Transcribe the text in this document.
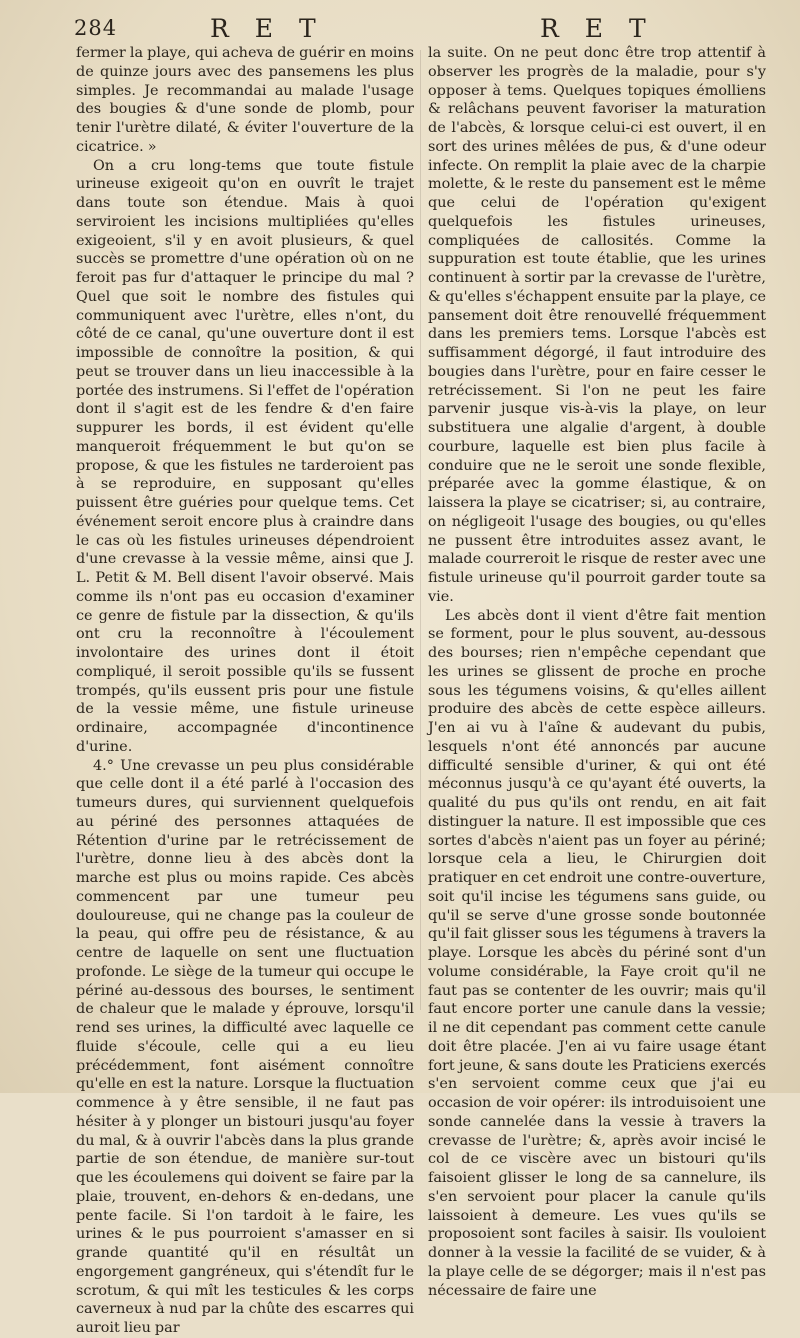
284	R E T	R E T

fermer la playe, qui acheva de guérir en moins de quinze jours avec des pansemens les plus simples. Je recommandai au malade l'usage des bougies & d'une sonde de plomb, pour tenir l'urètre dilaté, & éviter l'ouverture de la cicatrice. »

On a cru long-tems que toute fistule urineuse exigeoit qu'on en ouvrît le trajet dans toute son étendue. Mais à quoi serviroient les incisions multipliées qu'elles exigeoient, s'il y en avoit plusieurs, & quel succès se promettre d'une opération où on ne feroit pas fur d'attaquer le principe du mal ? Quel que soit le nombre des fistules qui communiquent avec l'urètre, elles n'ont, du côté de ce canal, qu'une ouverture dont il est impossible de connoître la position, & qui peut se trouver dans un lieu inaccessible à la portée des instrumens. Si l'effet de l'opération dont il s'agit est de les fendre & d'en faire suppurer les bords, il est évident qu'elle manqueroit fréquemment le but qu'on se propose, & que les fistules ne tarderoient pas à se reproduire, en supposant qu'elles puissent être guéries pour quelque tems. Cet événement seroit encore plus à craindre dans le cas où les fistules urineuses dépendroient d'une crevasse à la vessie même, ainsi que J. L. Petit & M. Bell disent l'avoir observé. Mais comme ils n'ont pas eu occasion d'examiner ce genre de fistule par la dissection, & qu'ils ont cru la reconnoître à l'écoulement involontaire des urines dont il étoit compliqué, il seroit possible qu'ils se fussent trompés, qu'ils eussent pris pour une fistule de la vessie même, une fistule urineuse ordinaire, accompagnée d'incontinence d'urine.

4.° Une crevasse un peu plus considérable que celle dont il a été parlé à l'occasion des tumeurs dures, qui surviennent quelquefois au périné des personnes attaquées de Rétention d'urine par le retrécissement de l'urètre, donne lieu à des abcès dont la marche est plus ou moins rapide. Ces abcès commencent par une tumeur peu douloureuse, qui ne change pas la couleur de la peau, qui offre peu de résistance, & au centre de laquelle on sent une fluctuation profonde. Le siège de la tumeur qui occupe le périné au-dessous des bourses, le sentiment de chaleur que le malade y éprouve, lorsqu'il rend ses urines, la difficulté avec laquelle ce fluide s'écoule, celle qui a eu lieu précédemment, font aisément connoître qu'elle en est la nature. Lorsque la fluctuation commence à y être sensible, il ne faut pas hésiter à y plonger un bistouri jusqu'au foyer du mal, & à ouvrir l'abcès dans la plus grande partie de son étendue, de manière sur-tout que les écoulemens qui doivent se faire par la plaie, trouvent, en-dehors & en-dedans, une pente facile. Si l'on tardoit à le faire, les urines & le pus pourroient s'amasser en si grande quantité qu'il en résultât un engorgement gangréneux, qui s'étendît fur le scrotum, & qui mît les testicules & les corps caverneux à nud par la chûte des escarres qui auroit lieu par

la suite. On ne peut donc être trop attentif à observer les progrès de la maladie, pour s'y opposer à tems. Quelques topiques émolliens & relâchans peuvent favoriser la maturation de l'abcès, & lorsque celui-ci est ouvert, il en sort des urines mêlées de pus, & d'une odeur infecte. On remplit la plaie avec de la charpie molette, & le reste du pansement est le même que celui de l'opération qu'exigent quelquefois les fistules urineuses, compliquées de callosités. Comme la suppuration est toute établie, que les urines continuent à sortir par la crevasse de l'urètre, & qu'elles s'échappent ensuite par la playe, ce pansement doit être renouvellé fréquemment dans les premiers tems. Lorsque l'abcès est suffisamment dégorgé, il faut introduire des bougies dans l'urètre, pour en faire cesser le retrécissement. Si l'on ne peut les faire parvenir jusque vis-à-vis la playe, on leur substituera une algalie d'argent, à double courbure, laquelle est bien plus facile à conduire que ne le seroit une sonde flexible, préparée avec la gomme élastique, & on laissera la playe se cicatriser; si, au contraire, on négligeoit l'usage des bougies, ou qu'elles ne pussent être introduites assez avant, le malade courreroit le risque de rester avec une fistule urineuse qu'il pourroit garder toute sa vie.

Les abcès dont il vient d'être fait mention se forment, pour le plus souvent, au-dessous des bourses; rien n'empêche cependant que les urines se glissent de proche en proche sous les tégumens voisins, & qu'elles aillent produire des abcès de cette espèce ailleurs. J'en ai vu à l'aîne & audevant du pubis, lesquels n'ont été annoncés par aucune difficulté sensible d'uriner, & qui ont été méconnus jusqu'à ce qu'ayant été ouverts, la qualité du pus qu'ils ont rendu, en ait fait distinguer la nature. Il est impossible que ces sortes d'abcès n'aient pas un foyer au périné; lorsque cela a lieu, le Chirurgien doit pratiquer en cet endroit une contre-ouverture, soit qu'il incise les tégumens sans guide, ou qu'il se serve d'une grosse sonde boutonnée qu'il fait glisser sous les tégumens à travers la playe. Lorsque les abcès du périné sont d'un volume considérable, la Faye croit qu'il ne faut pas se contenter de les ouvrir; mais qu'il faut encore porter une canule dans la vessie; il ne dit cependant pas comment cette canule doit être placée. J'en ai vu faire usage étant fort jeune, & sans doute les Praticiens exercés s'en servoient comme ceux que j'ai eu occasion de voir opérer: ils introduisoient une sonde cannelée dans la vessie à travers la crevasse de l'urètre; &, après avoir incisé le col de ce viscère avec un bistouri qu'ils faisoient glisser le long de sa cannelure, ils s'en servoient pour placer la canule qu'ils laissoient à demeure. Les vues qu'ils se proposoient sont faciles à saisir. Ils vouloient donner à la vessie la facilité de se vuider, & à la playe celle de se dégorger; mais il n'est pas nécessaire de faire une
